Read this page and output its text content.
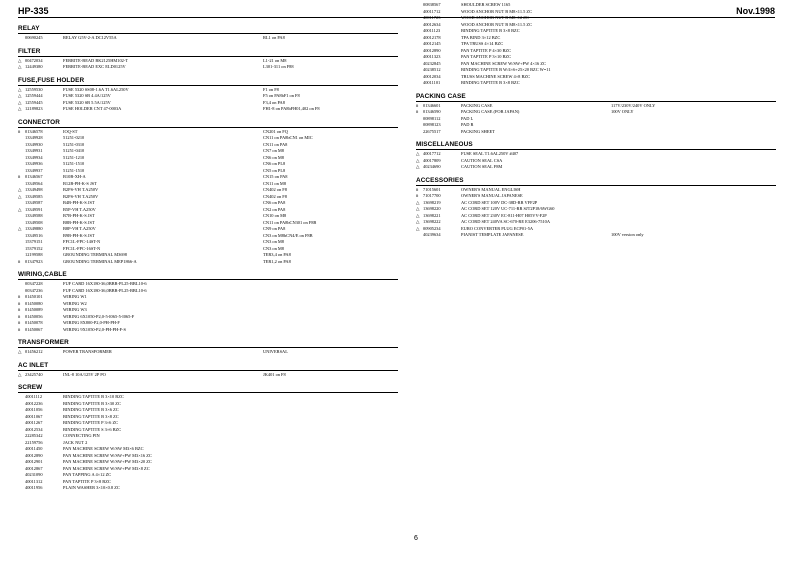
HP-335	Nov.1998
RELAY
00690245	RELAY G5V-2-A DC12V55A	RL1 on PA8
FILTER
△ 00472034	FERRITE-BEAD BK2125HM102-T	L1-21 on M8
△ 12449380	FERRITE-BEAD EXC ELD0125V	L301-311 on F88
FUSE,FUSE HOLDER
△ 12559530	FUSE 5320 SS08-1.6A T1.6AL250V	F1 on F8
△ 12559444	FUSE 5320 SB 4.4A/125V	F5 on PA8bF1 on F8
△ 12559445	FUSE 5320 SB 5.5A/125V	F3,4 on PA8
△ 12189823	FUSE HOLDER CNT 47-0003A	FH1-8 on PA8bFH01,402 on F8
CONNECTOR
#	01346578	IOQ-ST	CN201 on FQ
13349928	51251-0210	CN11 on PA8bCN1 on MIC
13349930	51251-0310	CN11 on PA8
13349931	51251-0410	CN7 on M8
13349934	51251-1210	CN6 on M8
13349936	51251-1510	CN6 on PL8
13349937	51251-1510	CN5 on PL8
#	01346567	B10B-XH-A	CN15 on PA8
13349564	B12B-PH-K-S JST	CN11 on M8
△ 13349498	B2PS-VH T.A250V	CN402 on F8
△ 13349585	B2PS-VH T.A250V	CN402 on F8
13349587	B4B-PH-K-S JST	CN6 on PA8
△ 13349591	B5P-VH T.A250V	CN2 on PA8
13349588	B7B-PH-K-S JST	CN10 on M8
13349508	B8B-PH-K-S JST	CN11 on PA8bCN301 on F8B
△ 13349880	B8P-VH T.A250V	CN9 on PA8
13349516	B9B-PH-K-S JST	CN3 on M8bCN4/E on F8B
15379151	FFC1L-FPC-14ST-N	CN3 on M8
15379152	FFC1L-FPC-16ST-N	CN3 on M8
12199588	GROUNDING TERMINAL M3698	TER3,4 on PA8
#	01347923	GROUNDING TERMINAL MEP1866-A	TER1,2 on PA8
WIRING,CABLE
00347228	FUF CARD 16X180-36,0BBR-PL25-BBL10-6
00347236	FUF CARD 16X180-36,0BBR-PL25-BBL10-6
#	01450101	WIRING W1
#	01450080	WIRING W2
#	01450089	WIRING W3
#	01450056	WIRING 6X1050-P2,0-5-I065-5-I065-F
#	01450078	WIRING 8X800-P2,0-PH-PH-F
#	01450067	WIRING 9X1050-P2,0-PH-PH-F-S
TRANSFORMER
△ 01456212	POWER TRANSFORMER	UNIVERSAL
AC INLET
△ 23425740	INL-8 10A/125V 2P PO	JK401 on F8
SCREW
40011112	BINDING TAPTITE B 3×10 BZC
40012236	BINDING TAPTITE B 3×30 ZC
40011056	BINDING TAPTITE B 3×6 ZC
40011067	BINDING TAPTITE B 3×8 ZC
40011267	BINDING TAPTITE P 3×6 ZC
40012534	BINDING TAPTITE S 3×6 BZC
22285342	CONNECTING PIN
22159756	JACK NUT 2
40011450	PAN MACHINE SCREW W/SW M3×6 BZC
40012890	PAN MACHINE SCREW W/SW+PW M3×16 ZC
40012901	PAN MACHINE SCREW W/SW+PW M3×20 ZC
40012867	PAN MACHINE SCREW W/SW+PW M3×8 ZC
40231090	PAN TAPPING A 4×12 ZC
40011312	PAN TAPTITE P 3×8 BZC
40011956	PLAIN WASHER 3×10×0.8 ZC
00838567	SHOULDER SCREW 1165
40011712	WOOD ANCHOR NUT B M8×11.5 ZC
40011723	WOOD ANCHOR NUT B M8×12 ZC
40012634	WOOD ANCHOR NUT B M8×11.5 ZC
40011123	BINDING TAPTITE B 3×8 BZC
40012178	TPA BIND 3×12 BZC
40012145	TPA TRUSS 4×14 BZC
40012890	PAN TAPTITE P 4×30 BZC
40011323	PAN TAPTITE P 3×10 BZC
40232845	PAN MACHINE SCREW W/SW+PW 4×16 ZC
40238512	BINDING TAPTITE B W/4×6+25×20 BZC W=11
40012034	TRUSS MACHINE SCREW 4×8 BZC
40011101	BINDING TAPTITE B 3×8 BZC
PACKING CASE
#	01346601	PACKING CASE	117V/230V/240V ONLY
#	01346590	PACKING CASE (FOR JAPAN)	100V ONLY
00898112	PAD L
00898123	PAD R
22675517	PACKING SHEET
MISCELLANEOUS
△ 40017712	FUSE SEAL T1.6AL250V #407
△ 40017809	CAUTION SEAL CSA
△ 40234690	CAUTION SEAL F8M
ACCESSORIES
#	71015601	OWNER'S MANUAL ENGLISH
#	71017700	OWNER'S MANUAL JAPANESE
△ 13698219	AC CORD SET 100V DC-38D-RR VFF2P
△ 13698220	AC CORD SET 120V UC-711-RR SJT2P18/6WG60
△ 13698221	AC CORD SET 230V EC-811-H07 H05VV-F2P
△ 13698222	AC CORD SET 240VA SC-670-RE E3206-7510A
△ 00905234	EURO CONVERTER PLUG ECP01-5A
40239634	PIANIST TEMPLATE JAPANESE	100V version only
6
